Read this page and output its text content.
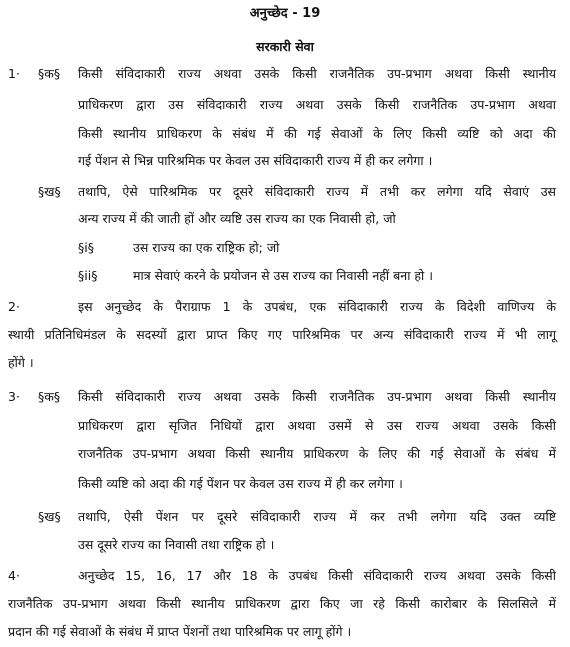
अनुच्छेद - 19
सरकारी सेवा
1· §क§ किसी संविदाकारी राज्य अथवा उसके किसी राजनैतिक उप-प्रभाग अथवा किसी स्थानीय
प्राधिकरण द्वारा उस संविदाकारी राज्य अथवा उसके किसी राजनैतिक उप-प्रभाग अथवा
किसी स्थानीय प्राधिकरण के संबंध में की गई सेवाओं के लिए किसी व्यष्टि को अदा की
गई पेंशन से भिन्न पारिश्रमिक पर केवल उस संविदाकारी राज्य में ही कर लगेगा ।
§ख§ तथापि, ऐसे पारिश्रमिक पर दूसरे संविदाकारी राज्य में तभी कर लगेगा यदि सेवाएं उस
अन्य राज्य में की जाती हों और व्यष्टि उस राज्य का एक निवासी हो, जो
§i§	उस राज्य का एक राष्ट्रिक हो; जो
§ii§	मात्र सेवाएं करने के प्रयोजन से उस राज्य का निवासी नहीं बना हो ।
2·	इस अनुच्छेद के पैराग्राफ 1 के उपबंध, एक संविदाकारी राज्य के विदेशी वाणिज्य के
स्थायी प्रतिनिधिमंडल के सदस्यों द्वारा प्राप्त किए गए पारिश्रमिक पर अन्य संविदाकारी राज्य में भी लागू
होंगे ।
3· §क§ किसी संविदाकारी राज्य अथवा उसके किसी राजनैतिक उप-प्रभाग अथवा किसी स्थानीय
प्राधिकरण द्वारा सृजित निधियों द्वारा अथवा उसमें से उस राज्य अथवा उसके किसी
राजनैतिक उप-प्रभाग अथवा किसी स्थानीय प्राधिकरण के लिए की गई सेवाओं के संबंध में
किसी व्यष्टि को अदा की गई पेंशन पर केवल उस राज्य में ही कर लगेगा ।
§ख§ तथापि, ऐसी पेंशन पर दूसरे संविदाकारी राज्य में कर तभी लगेगा यदि उक्त व्यष्टि
उस दूसरे राज्य का निवासी तथा राष्ट्रिक हो ।
4·	अनुच्छेद 15, 16, 17 और 18 के उपबंध किसी संविदाकारी राज्य अथवा उसके किसी
राजनैतिक उप-प्रभाग अथवा किसी स्थानीय प्राधिकरण द्वारा किए जा रहे किसी कारोबार के सिलसिले में
प्रदान की गई सेवाओं के संबंध में प्राप्त पेंशनों तथा पारिश्रमिक पर लागू होंगे ।
